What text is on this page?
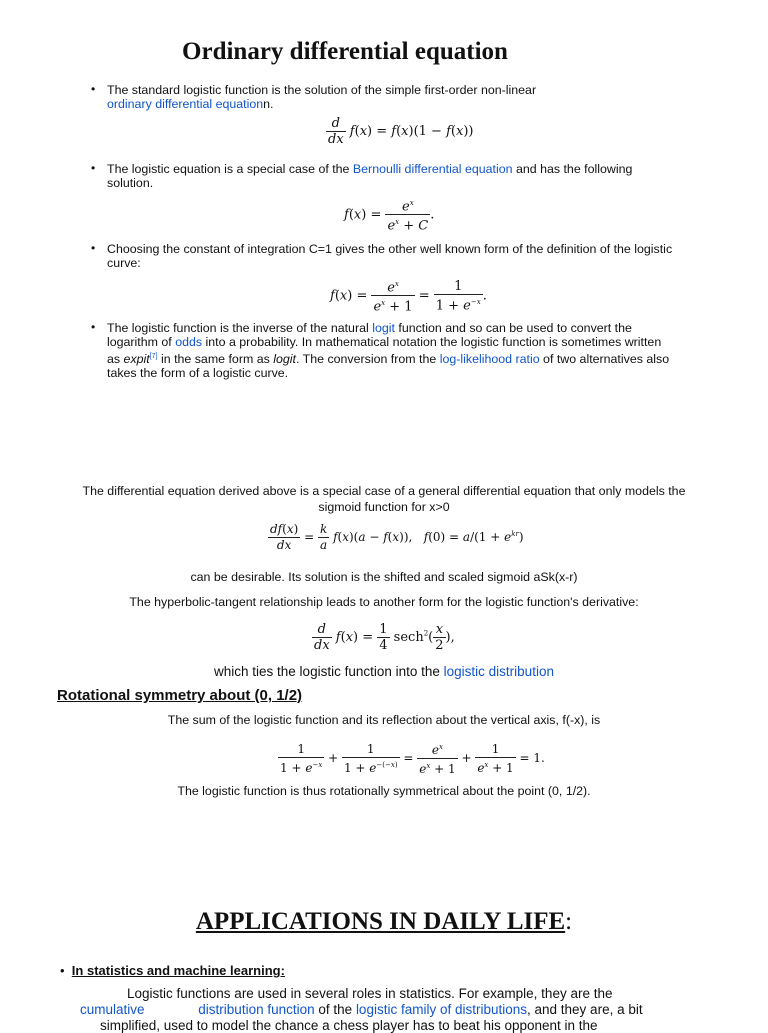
Ordinary differential equation
• The standard logistic function is the solution of the simple first-order non-linear
ordinary differential equationn.
$\frac{d}{dx} f(x) = f(x)(1 - f(x))$
• The logistic equation is a special case of the Bernoulli differential equation and has the following
solution.
$f(x) = \frac{e^x}{e^x + C}$ .
• Choosing the constant of integration C=1 gives the other well known form of the definition of the logistic
curve:
$f(x) = \frac{e^x}{e^x + 1} = \frac{1}{1 + e^{-x}}$ .
• The logistic function is the inverse of the natural logit function and so can be used to convert the
logarithm of odds into a probability. In mathematical notation the logistic function is sometimes written
as expit[7] in the same form as logit. The conversion from the log-likelihood ratio of two alternatives also
takes the form of a logistic curve.
The differential equation derived above is a special case of a general differential equation that only models the
sigmoid function for x>0
$\frac{df(x)}{dx} = \frac{k}{a} f(x)(a - f(x))$,   $f(0) = a/(1 + e^{kr})$
can be desirable. Its solution is the shifted and scaled sigmoid aSk(x-r)
The hyperbolic-tangent relationship leads to another form for the logistic function's derivative:
$\frac{d}{dx} f(x) = \frac{1}{4} \sec h^2( \frac{x}{2}$ ),
which ties the logistic function into the logistic distribution
Rotational symmetry about (0, 1/2)
The sum of the logistic function and its reflection about the vertical axis, f(-x), is
$\frac{1}{1 + e^{-x}} + \frac{1}{1 + e^{-(-x)}} = \frac{e^x}{e^x + 1} + \frac{1}{e^x + 1} = 1$.
The logistic function is thus rotationally symmetrical about the point (0, 1/2).
APPLICATIONS IN DAILY LIFE:
• In statistics and machine learning:
Logistic functions are used in several roles in statistics. For example, they are the
cumulative	distribution function of the logistic family of distributions, and they are, a bit
simplified, used to model the chance a chess player has to beat his opponent in the
